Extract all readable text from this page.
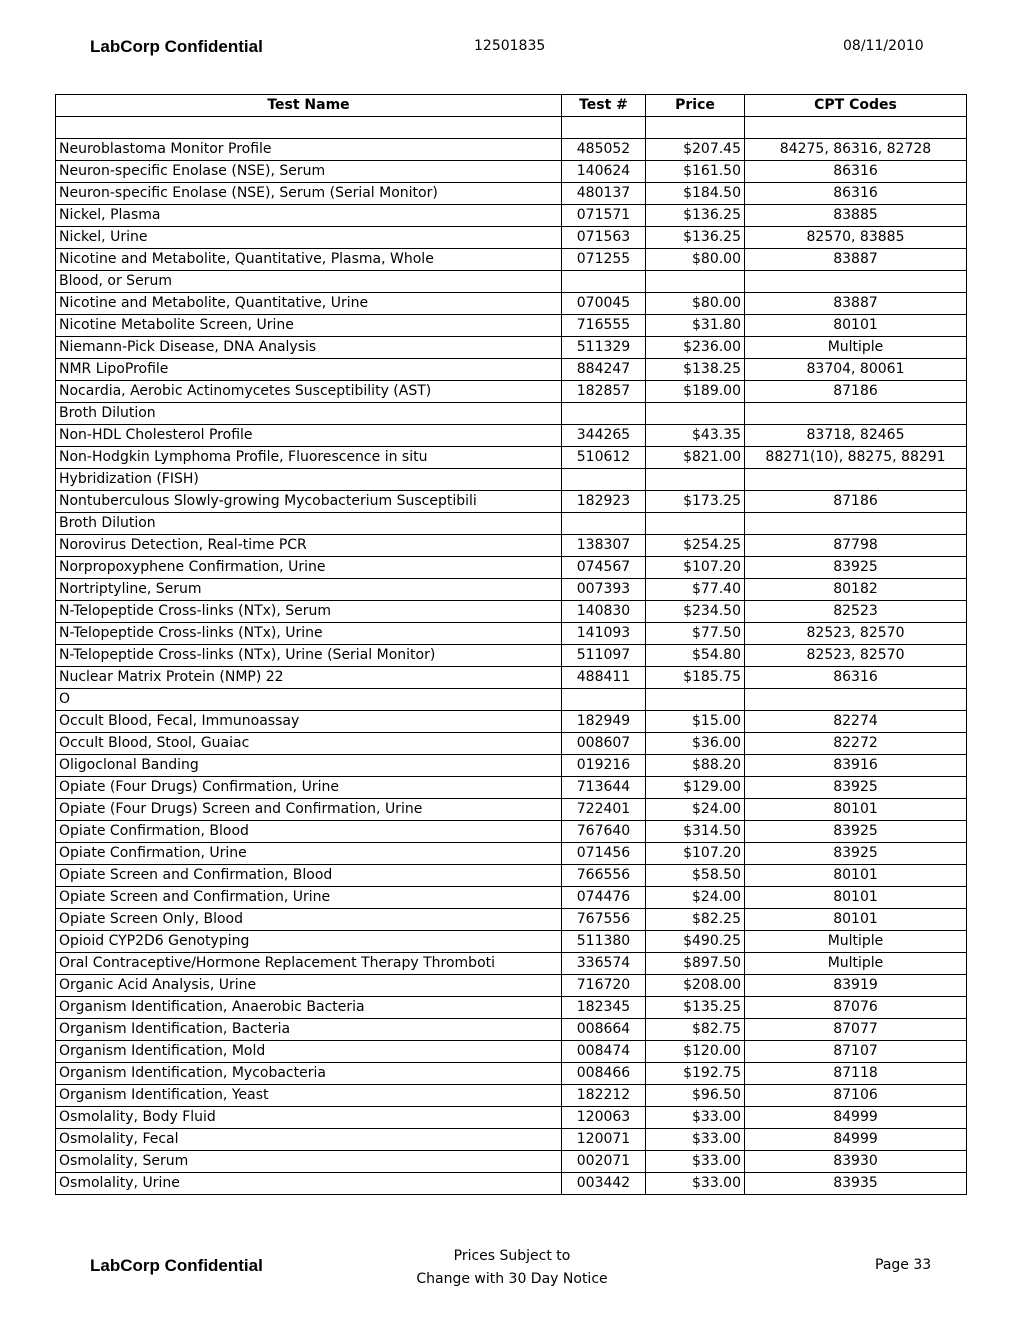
LabCorp Confidential	12501835	08/11/2010
Test Name	Test #	Price	CPT Codes

Neuroblastoma Monitor Profile	485052	$207.45	84275, 86316, 82728
Neuron-specific Enolase (NSE), Serum	140624	$161.50	86316
Neuron-specific Enolase (NSE), Serum (Serial Monitor)	480137	$184.50	86316
Nickel, Plasma	071571	$136.25	83885
Nickel, Urine	071563	$136.25	82570, 83885
Nicotine and Metabolite, Quantitative, Plasma, Whole	071255	$80.00	83887
Blood, or Serum			
Nicotine and Metabolite, Quantitative, Urine	070045	$80.00	83887
Nicotine Metabolite Screen, Urine	716555	$31.80	80101
Niemann-Pick Disease, DNA Analysis	511329	$236.00	Multiple
NMR LipoProfile	884247	$138.25	83704, 80061
Nocardia, Aerobic Actinomycetes Susceptibility (AST)	182857	$189.00	87186
Broth Dilution			
Non-HDL Cholesterol Profile	344265	$43.35	83718, 82465
Non-Hodgkin Lymphoma Profile, Fluorescence in situ	510612	$821.00	88271(10), 88275, 88291
Hybridization (FISH)			
Nontuberculous Slowly-growing Mycobacterium Susceptibili	182923	$173.25	87186
Broth Dilution			
Norovirus Detection, Real-time PCR	138307	$254.25	87798
Norpropoxyphene Confirmation, Urine	074567	$107.20	83925
Nortriptyline, Serum	007393	$77.40	80182
N-Telopeptide Cross-links (NTx), Serum	140830	$234.50	82523
N-Telopeptide Cross-links (NTx), Urine	141093	$77.50	82523, 82570
N-Telopeptide Cross-links (NTx), Urine (Serial Monitor)	511097	$54.80	82523, 82570
Nuclear Matrix Protein (NMP) 22	488411	$185.75	86316
O			
Occult Blood, Fecal, Immunoassay	182949	$15.00	82274
Occult Blood, Stool, Guaiac	008607	$36.00	82272
Oligoclonal Banding	019216	$88.20	83916
Opiate (Four Drugs) Confirmation, Urine	713644	$129.00	83925
Opiate (Four Drugs) Screen and Confirmation, Urine	722401	$24.00	80101
Opiate Confirmation, Blood	767640	$314.50	83925
Opiate Confirmation, Urine	071456	$107.20	83925
Opiate Screen and Confirmation, Blood	766556	$58.50	80101
Opiate Screen and Confirmation, Urine	074476	$24.00	80101
Opiate Screen Only, Blood	767556	$82.25	80101
Opioid CYP2D6 Genotyping	511380	$490.25	Multiple
Oral Contraceptive/Hormone Replacement Therapy Thromboti	336574	$897.50	Multiple
Organic Acid Analysis, Urine	716720	$208.00	83919
Organism Identification, Anaerobic Bacteria	182345	$135.25	87076
Organism Identification, Bacteria	008664	$82.75	87077
Organism Identification, Mold	008474	$120.00	87107
Organism Identification, Mycobacteria	008466	$192.75	87118
Organism Identification, Yeast	182212	$96.50	87106
Osmolality, Body Fluid	120063	$33.00	84999
Osmolality, Fecal	120071	$33.00	84999
Osmolality, Serum	002071	$33.00	83930
Osmolality, Urine	003442	$33.00	83935
LabCorp Confidential	Prices Subject to
Change with 30 Day Notice
Page 33
